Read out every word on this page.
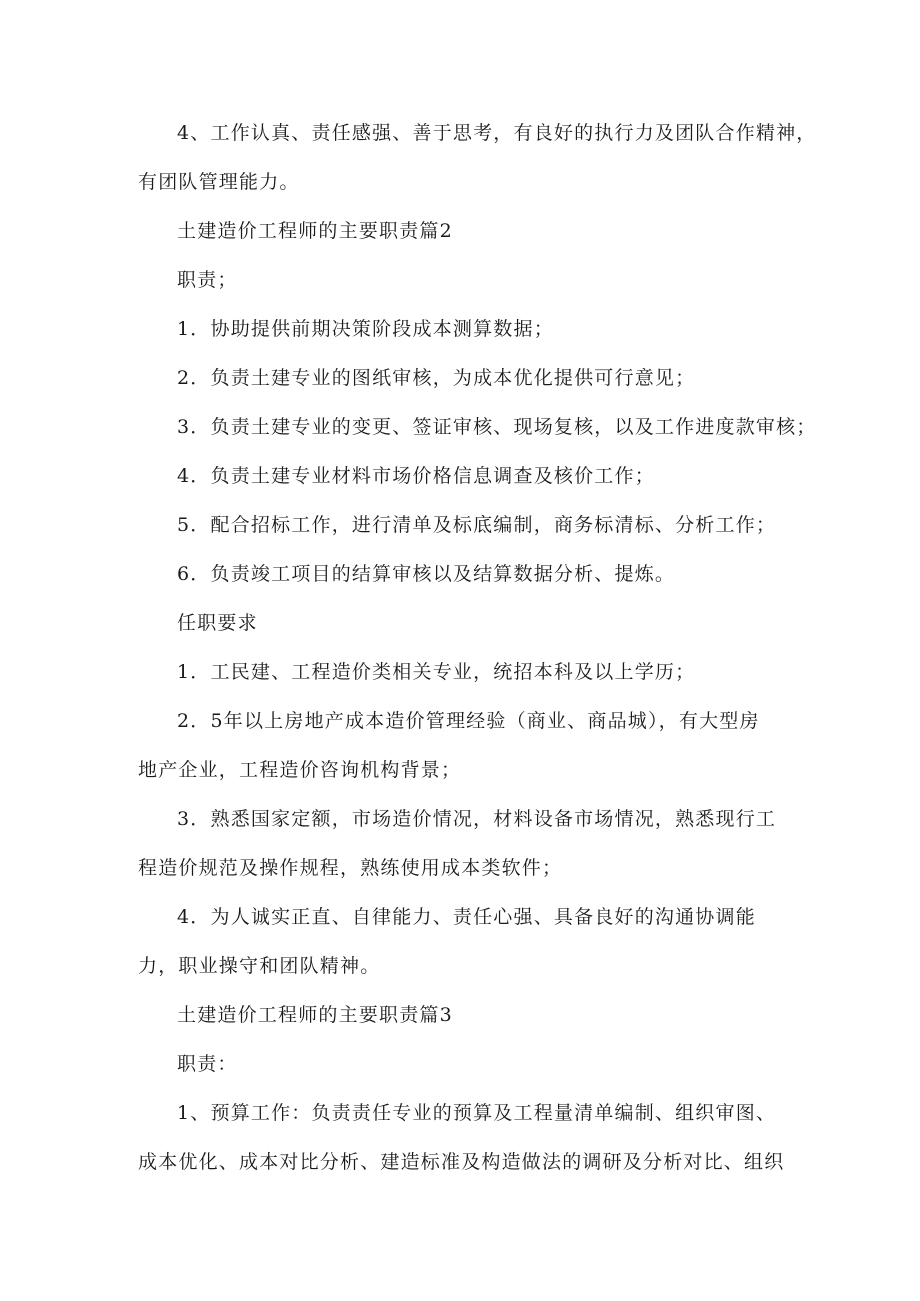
4、工作认真、责任感强、善于思考，有良好的执行力及团队合作精神，
有团队管理能力。
土建造价工程师的主要职责篇2
职责；
1．协助提供前期决策阶段成本测算数据；
2．负责土建专业的图纸审核，为成本优化提供可行意见；
3．负责土建专业的变更、签证审核、现场复核，以及工作进度款审核；
4．负责土建专业材料市场价格信息调查及核价工作；
5．配合招标工作，进行清单及标底编制，商务标清标、分析工作；
6．负责竣工项目的结算审核以及结算数据分析、提炼。
任职要求
1．工民建、工程造价类相关专业，统招本科及以上学历；
2．5年以上房地产成本造价管理经验（商业、商品城），有大型房
地产企业，工程造价咨询机构背景；
3．熟悉国家定额，市场造价情况，材料设备市场情况，熟悉现行工
程造价规范及操作规程，熟练使用成本类软件；
4．为人诚实正直、自律能力、责任心强、具备良好的沟通协调能
力，职业操守和团队精神。
土建造价工程师的主要职责篇3
职责：
1、预算工作：负责责任专业的预算及工程量清单编制、组织审图、
成本优化、成本对比分析、建造标准及构造做法的调研及分析对比、组织
